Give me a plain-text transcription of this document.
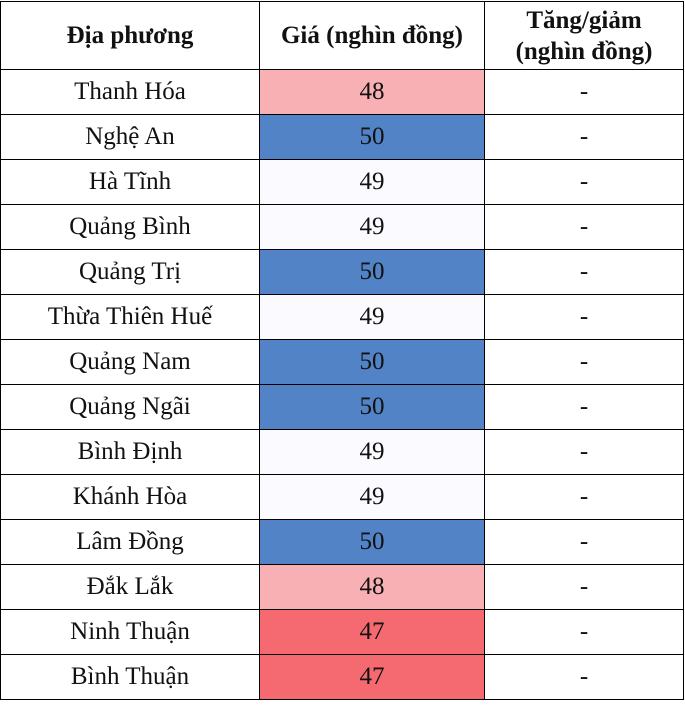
Địa phương	Giá (nghìn đồng)	Tăng/giảm
(nghìn đồng)
Thanh Hóa	48	-
Nghệ An	50	-
Hà Tĩnh	49	-
Quảng Bình	49	-
Quảng Trị	50	-
Thừa Thiên Huế	49	-
Quảng Nam	50	-
Quảng Ngãi	50	-
Bình Định	49	-
Khánh Hòa	49	-
Lâm Đồng	50	-
Đắk Lắk	48	-
Ninh Thuận	47	-
Bình Thuận	47	-
